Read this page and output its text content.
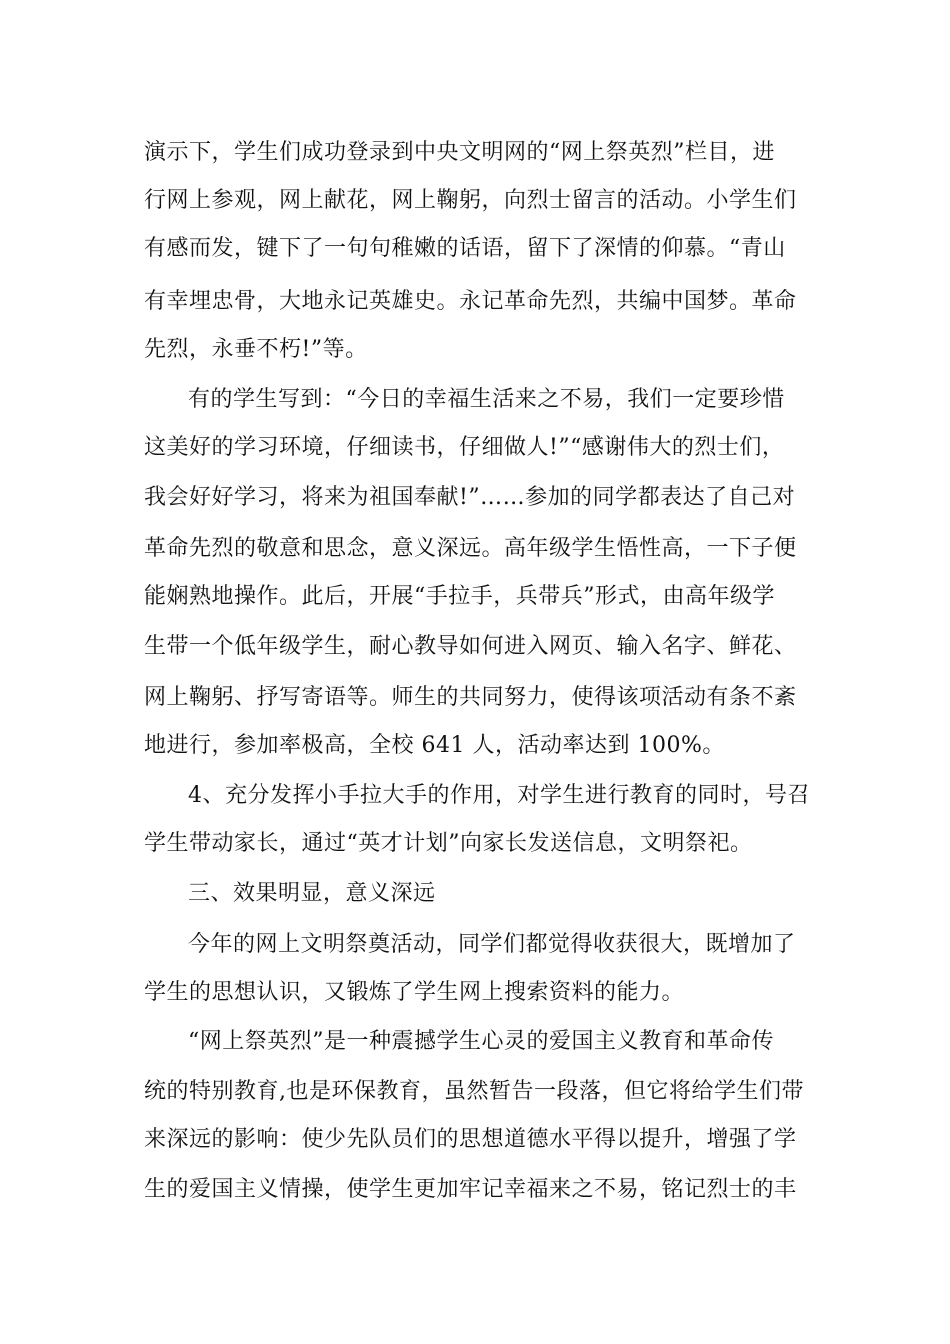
演示下，学生们成功登录到中央文明网的“网上祭英烈”栏目，进
行网上参观，网上献花，网上鞠躬，向烈士留言的活动。小学生们
有感而发，键下了一句句稚嫩的话语，留下了深情的仰慕。“青山
有幸埋忠骨，大地永记英雄史。永记革命先烈，共编中国梦。革命
先烈，永垂不朽!”等。
有的学生写到：“今日的幸福生活来之不易，我们一定要珍惜
这美好的学习环境，仔细读书，仔细做人!”“感谢伟大的烈士们，
我会好好学习，将来为祖国奉献!”……参加的同学都表达了自己对
革命先烈的敬意和思念，意义深远。高年级学生悟性高，一下子便
能娴熟地操作。此后，开展“手拉手，兵带兵”形式，由高年级学
生带一个低年级学生，耐心教导如何进入网页、输入名字、鲜花、
网上鞠躬、抒写寄语等。师生的共同努力，使得该项活动有条不紊
地进行，参加率极高，全校 641 人，活动率达到 100%。
4、充分发挥小手拉大手的作用，对学生进行教育的同时，号召
学生带动家长，通过“英才计划”向家长发送信息，文明祭祀。
三、效果明显，意义深远
今年的网上文明祭奠活动，同学们都觉得收获很大，既增加了
学生的思想认识，又锻炼了学生网上搜索资料的能力。
“网上祭英烈”是一种震撼学生心灵的爱国主义教育和革命传
统的特别教育,也是环保教育，虽然暂告一段落，但它将给学生们带
来深远的影响：使少先队员们的思想道德水平得以提升，增强了学
生的爱国主义情操，使学生更加牢记幸福来之不易，铭记烈士的丰
